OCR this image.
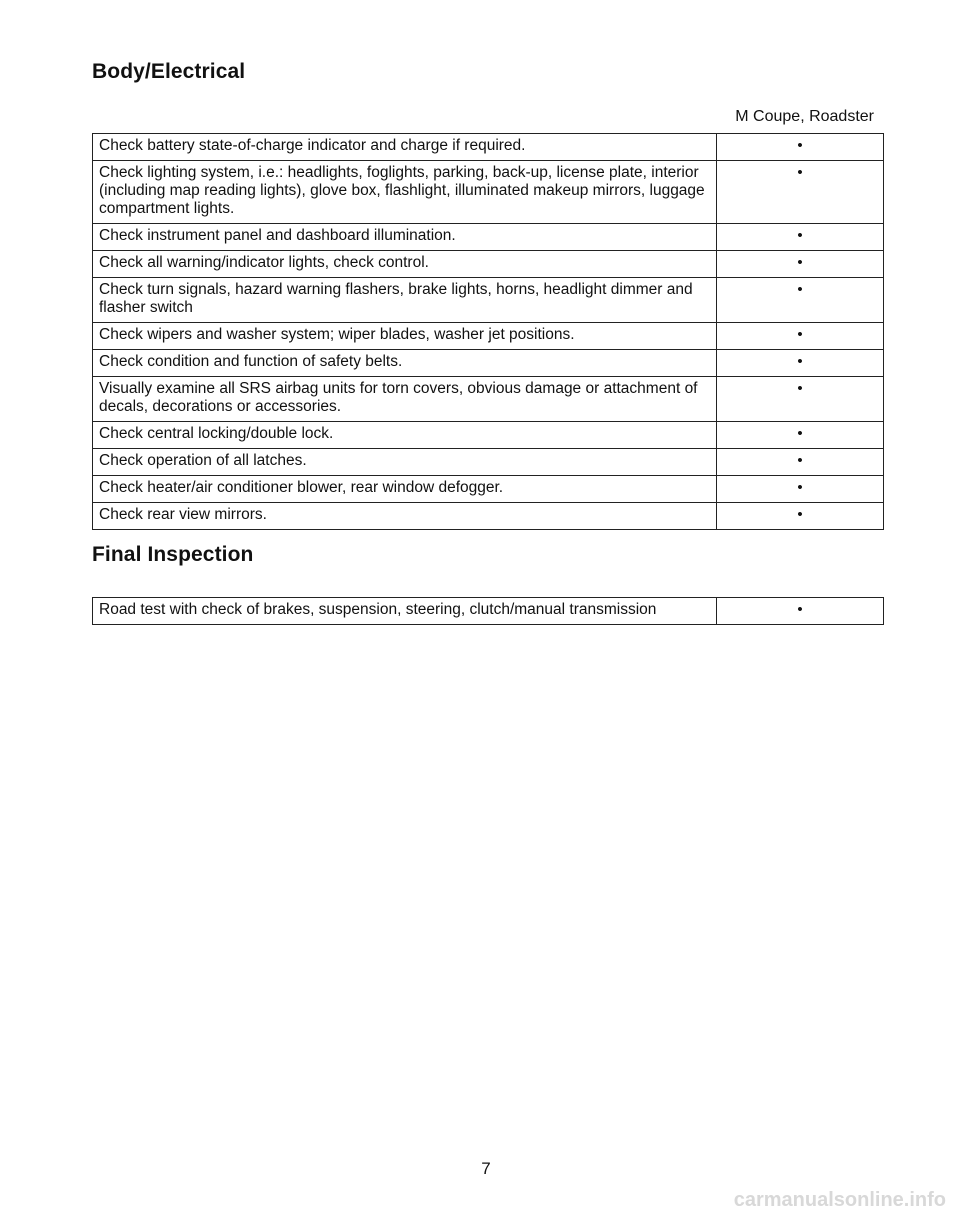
Body/Electrical
M Coupe, Roadster
Check battery state-of-charge indicator and charge if required.	•
Check lighting system, i.e.: headlights, foglights, parking, back-up, license plate, interior (including map reading lights), glove box, flashlight, illuminated makeup mirrors, luggage compartment lights.	•
Check instrument panel and dashboard illumination.	•
Check all warning/indicator lights, check control.	•
Check turn signals, hazard warning flashers, brake lights, horns, headlight dimmer and flasher switch	•
Check wipers and washer system; wiper blades, washer jet positions.	•
Check condition and function of safety belts.	•
Visually examine all SRS airbag units for torn covers, obvious damage or attachment of decals, decorations or accessories.	•
Check central locking/double lock.	•
Check operation of all latches.	•
Check heater/air conditioner blower, rear window defogger.	•
Check rear view mirrors.	•
Final Inspection
Road test with check of brakes, suspension, steering, clutch/manual transmission	•
7
carmanualsonline.info
